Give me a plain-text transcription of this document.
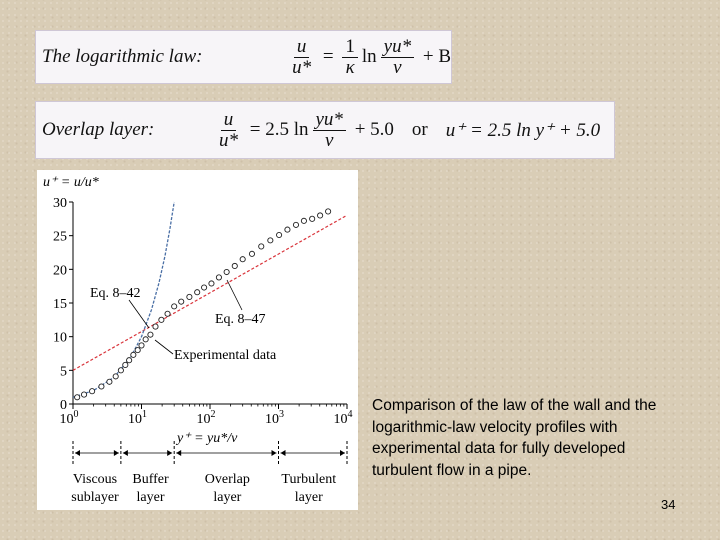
The logarithmic law:	$\frac{u}{u*} = \frac{1}{\kappa}$ $\ln \frac{yu*}{\nu} + B$
Overlap layer:	$\frac{u}{u*} = 2.5$ $\ln \frac{yu*}{\nu} + 5.0$ or u⁺ = 2.5 ln y⁺ + 5.0
0
5
10
15
20
25
30
u⁺ = u/u*
$10^0$	$10^1$	$10^2$	$10^3$	$10^4$
y⁺ = yu*/ν
Eq. 8–42
Eq. 8–47
Experimental data
Viscous
sublayer
Buffer
layer
Overlap
layer
Turbulent
layer
Comparison of the law of the wall and the logarithmic-law velocity profiles with experimental data for fully developed turbulent flow in a pipe.
34
